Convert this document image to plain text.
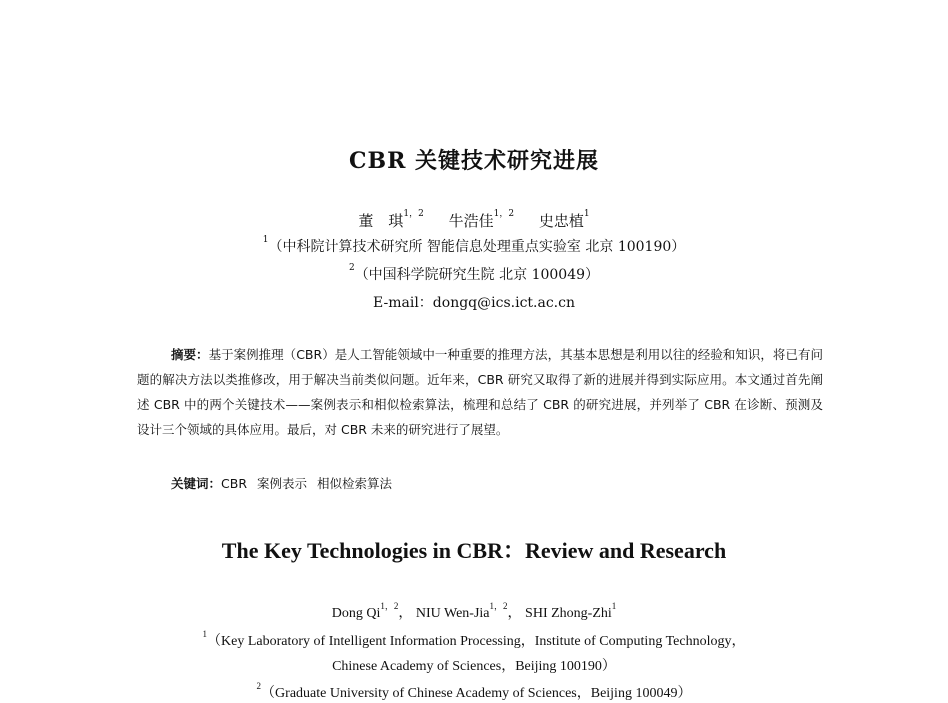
CBR 关键技术研究进展
董　琪$^{1,2}$ 牛浩佳$^{1,2}$ 史忠植$^1$
$^1$（中科院计算技术研究所 智能信息处理重点实验室 北京 100190）
$^2$（中国科学院研究生院 北京 100049）
E-mail：dongq@ics.ict.ac.cn
摘要：基于案例推理（CBR）是人工智能领域中一种重要的推理方法，其基本思想是利用以往的经验和知识，将已有问题的解决方法以类推修改，用于解决当前类似问题。近年来，CBR 研究又取得了新的进展并得到实际应用。本文通过首先阐述 CBR 中的两个关键技术——案例表示和相似检索算法，梳理和总结了 CBR 的研究进展，并列举了 CBR 在诊断、预测及设计三个领域的具体应用。最后，对 CBR 未来的研究进行了展望。
关键词：CBR 案例表示 相似检索算法
The Key Technologies in CBR：Review and Research
Dong $Qi^{1,2}$， NIU Wen-Jia$^{1,2}$， SHI Zhong-Zhi$^1$
$^1$（Key Laboratory of Intelligent Information Processing，Institute of Computing Technology，
Chinese Academy of Sciences，Beijing 100190）
$^2$（Graduate University of Chinese Academy of Sciences，Beijing 100049）
